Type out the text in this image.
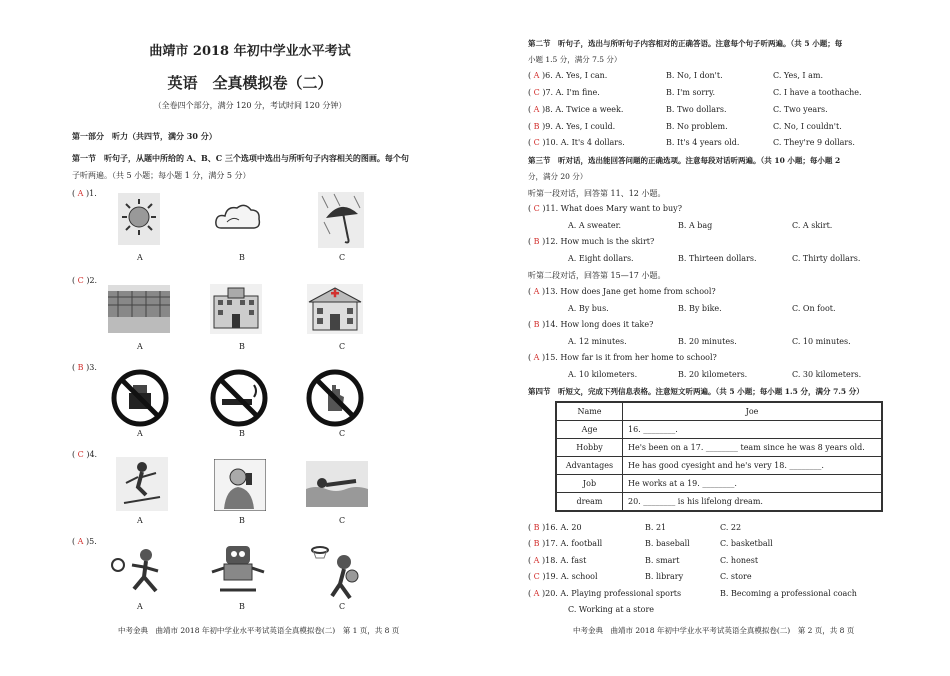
曲靖市 2018 年初中学业水平考试
英语　全真模拟卷（二）
（全卷四个部分，满分 120 分，考试时间 120 分钟）
第一部分　听力（共四节，满分 30 分）
第一节　听句子，从题中所给的 A、B、C 三个选项中选出与所听句子内容相关的图画。每个句
子听两遍。（共 5 小题；每小题 1 分，满分 5 分）
( A )1.
A	B	C
( C )2.
A	B	C
( B )3.
A	B	C
( C )4.
A	B	C
( A )5.
A	B	C
中考金典　曲靖市 2018 年初中学业水平考试英语全真模拟卷(二)　第 1 页，共 8 页
第二节　听句子，选出与所听句子内容相对的正确答语。注意每个句子听两遍。（共 5 小题；每
小题 1.5 分，满分 7.5 分）
( A )6. A. Yes, I can.	B. No, I don't.	C. Yes, I am.
( C )7. A. I'm fine.	B. I'm sorry.	C. I have a toothache.
( A )8. A. Twice a week.	B. Two dollars.	C. Two years.
( B )9. A. Yes, I could.	B. No problem.	C. No, I couldn't.
( C )10. A. It's 4 dollars.	B. It's 4 years old.	C. They're 9 dollars.
第三节　听对话，选出能回答问题的正确选项。注意每段对话听两遍。（共 10 小题；每小题 2
分，满分 20 分）
听第一段对话，回答第 11、12 小题。
( C )11. What does Mary want to buy?
A. A sweater.	B. A bag	C. A skirt.
( B )12. How much is the skirt?
A. Eight dollars.	B. Thirteen dollars.	C. Thirty dollars.
听第二段对话，回答第 15—17 小题。
( A )13. How does Jane get home from school?
A. By bus.	B. By bike.	C. On foot.
( B )14. How long does it take?
A. 12 minutes.	B. 20 minutes.	C. 10 minutes.
( A )15. How far is it from her home to school?
A. 10 kilometers.	B. 20 kilometers.	C. 30 kilometers.
第四节　听短文，完成下列信息表格。注意短文听两遍。（共 5 小题；每小题 1.5 分，满分 7.5 分）
Name	Joe
Age	16. ________.
Hobby	He's been on a 17. ________ team since he was 8 years old.
Advantages	He has good cyesight and he's very 18. ________.
Job	He works at a 19. ________.
dream	20. ________ is his lifelong dream.
( B )16. A. 20	B. 21	C. 22
( B )17. A. football	B. baseball	C. basketball
( A )18. A. fast	B. smart	C. honest
( C )19. A. school	B. library	C. store
( A )20. A. Playing professional sports	B. Becoming a professional coach
C. Working at a store
中考金典　曲靖市 2018 年初中学业水平考试英语全真模拟卷(二)　第 2 页，共 8 页
